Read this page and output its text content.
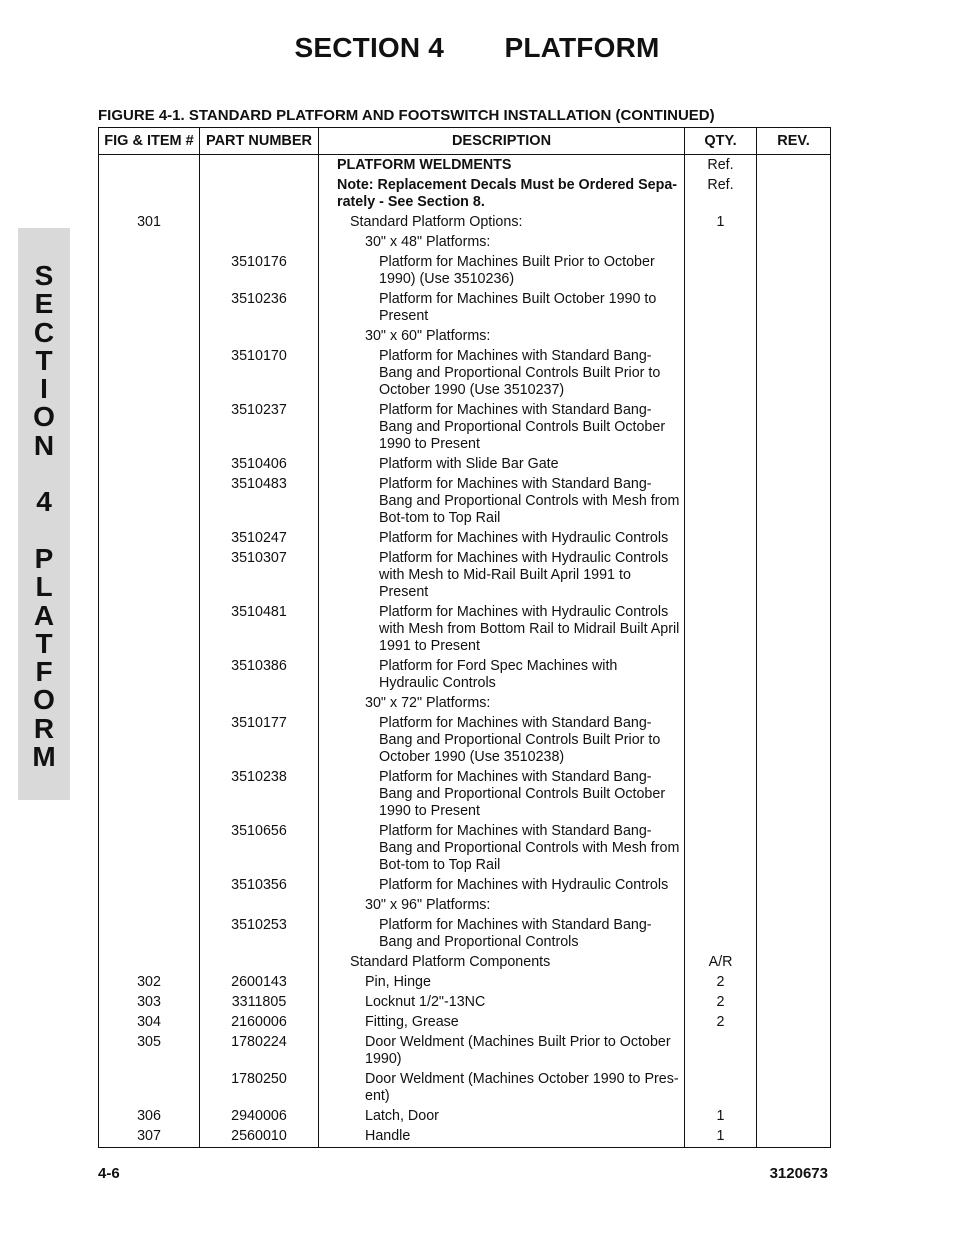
SECTION 4 PLATFORM
S
E
C
T
I
O
N
4
P
L
A
T
F
O
R
M
FIGURE 4-1. STANDARD PLATFORM AND FOOTSWITCH INSTALLATION (CONTINUED)
FIG & ITEM #	PART NUMBER	DESCRIPTION	QTY.	REV.

		PLATFORM WELDMENTS	Ref.	

		Note: Replacement Decals Must be Ordered Sepa-rately - See Section 8.	Ref.	
301		Standard Platform Options:	1	

		30" x 48" Platforms:		

	3510176	Platform for Machines Built Prior to October 1990) (Use 3510236)		

	3510236	Platform for Machines Built October 1990 to Present		

		30" x 60" Platforms:		

	3510170	Platform for Machines with Standard Bang-Bang and Proportional Controls Built Prior to October 1990 (Use 3510237)		

	3510237	Platform for Machines with Standard Bang-Bang and Proportional Controls Built October 1990 to Present		

	3510406	Platform with Slide Bar Gate		

	3510483	Platform for Machines with Standard Bang-Bang and Proportional Controls with Mesh from Bot-tom to Top Rail		

	3510247	Platform for Machines with Hydraulic Controls		

	3510307	Platform for Machines with Hydraulic Controls with Mesh to Mid-Rail Built April 1991 to Present		

	3510481	Platform for Machines with Hydraulic Controls with Mesh from Bottom Rail to Midrail Built April 1991 to Present		

	3510386	Platform for Ford Spec Machines with Hydraulic Controls		

		30" x 72" Platforms:		

	3510177	Platform for Machines with Standard Bang-Bang and Proportional Controls Built Prior to October 1990 (Use 3510238)		

	3510238	Platform for Machines with Standard Bang-Bang and Proportional Controls Built October 1990 to Present		

	3510656	Platform for Machines with Standard Bang-Bang and Proportional Controls with Mesh from Bot-tom to Top Rail		

	3510356	Platform for Machines with Hydraulic Controls		

		30" x 96" Platforms:		

	3510253	Platform for Machines with Standard Bang-Bang and Proportional Controls		

		Standard Platform Components	A/R	
302	2600143	Pin, Hinge	2	
303	3311805	Locknut 1/2"-13NC	2	
304	2160006	Fitting, Grease	2	
305	1780224	Door Weldment (Machines Built Prior to October 1990)		

	1780250	Door Weldment (Machines October 1990 to Pres-ent)		

306	2940006	Latch, Door	1	
307	2560010	Handle	1	
4-6	3120673
